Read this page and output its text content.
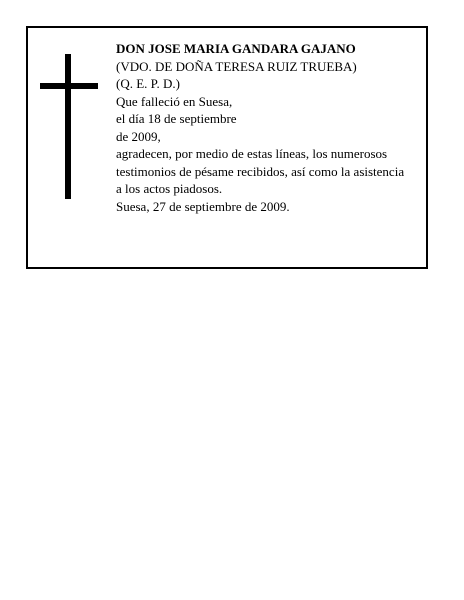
DON JOSE MARIA GANDARA GAJANO
(VDO. DE DOÑA TERESA RUIZ TRUEBA)
(Q. E. P. D.)
Que falleció en Suesa,
el día 18 de septiembre
de 2009,
agradecen, por medio de estas líneas, los numerosos
testimonios de pésame recibidos, así como la asistencia
a los actos piadosos.
Suesa, 27 de septiembre de 2009.
